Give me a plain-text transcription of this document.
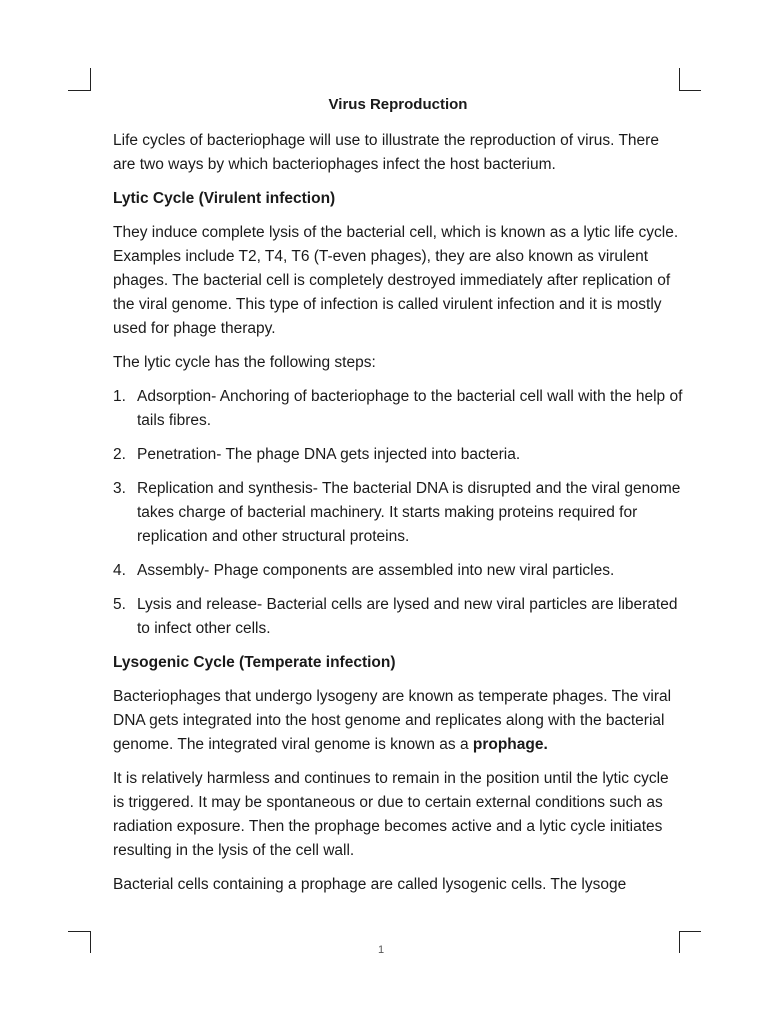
Virus Reproduction

Life cycles of bacteriophage will use to illustrate the reproduction of virus. There are two ways by which bacteriophages infect the host bacterium.

Lytic Cycle (Virulent infection)

They induce complete lysis of the bacterial cell, which is known as a lytic life cycle. Examples include T2, T4, T6 (T-even phages), they are also known as virulent phages. The bacterial cell is completely destroyed immediately after replication of the viral genome. This type of infection is called virulent infection and it is mostly used for phage therapy.

The lytic cycle has the following steps:

1. Adsorption- Anchoring of bacteriophage to the bacterial cell wall with the help of tails fibres.
2. Penetration- The phage DNA gets injected into bacteria.
3. Replication and synthesis- The bacterial DNA is disrupted and the viral genome takes charge of bacterial machinery. It starts making proteins required for replication and other structural proteins.
4. Assembly- Phage components are assembled into new viral particles.
5. Lysis and release- Bacterial cells are lysed and new viral particles are liberated to infect other cells.
Lysogenic Cycle (Temperate infection)

Bacteriophages that undergo lysogeny are known as temperate phages. The viral DNA gets integrated into the host genome and replicates along with the bacterial genome. The integrated viral genome is known as a prophage.

It is relatively harmless and continues to remain in the position until the lytic cycle is triggered. It may be spontaneous or due to certain external conditions such as radiation exposure. Then the prophage becomes active and a lytic cycle initiates resulting in the lysis of the cell wall.

Bacterial cells containing a prophage are called lysogenic cells. The lysoge

1
